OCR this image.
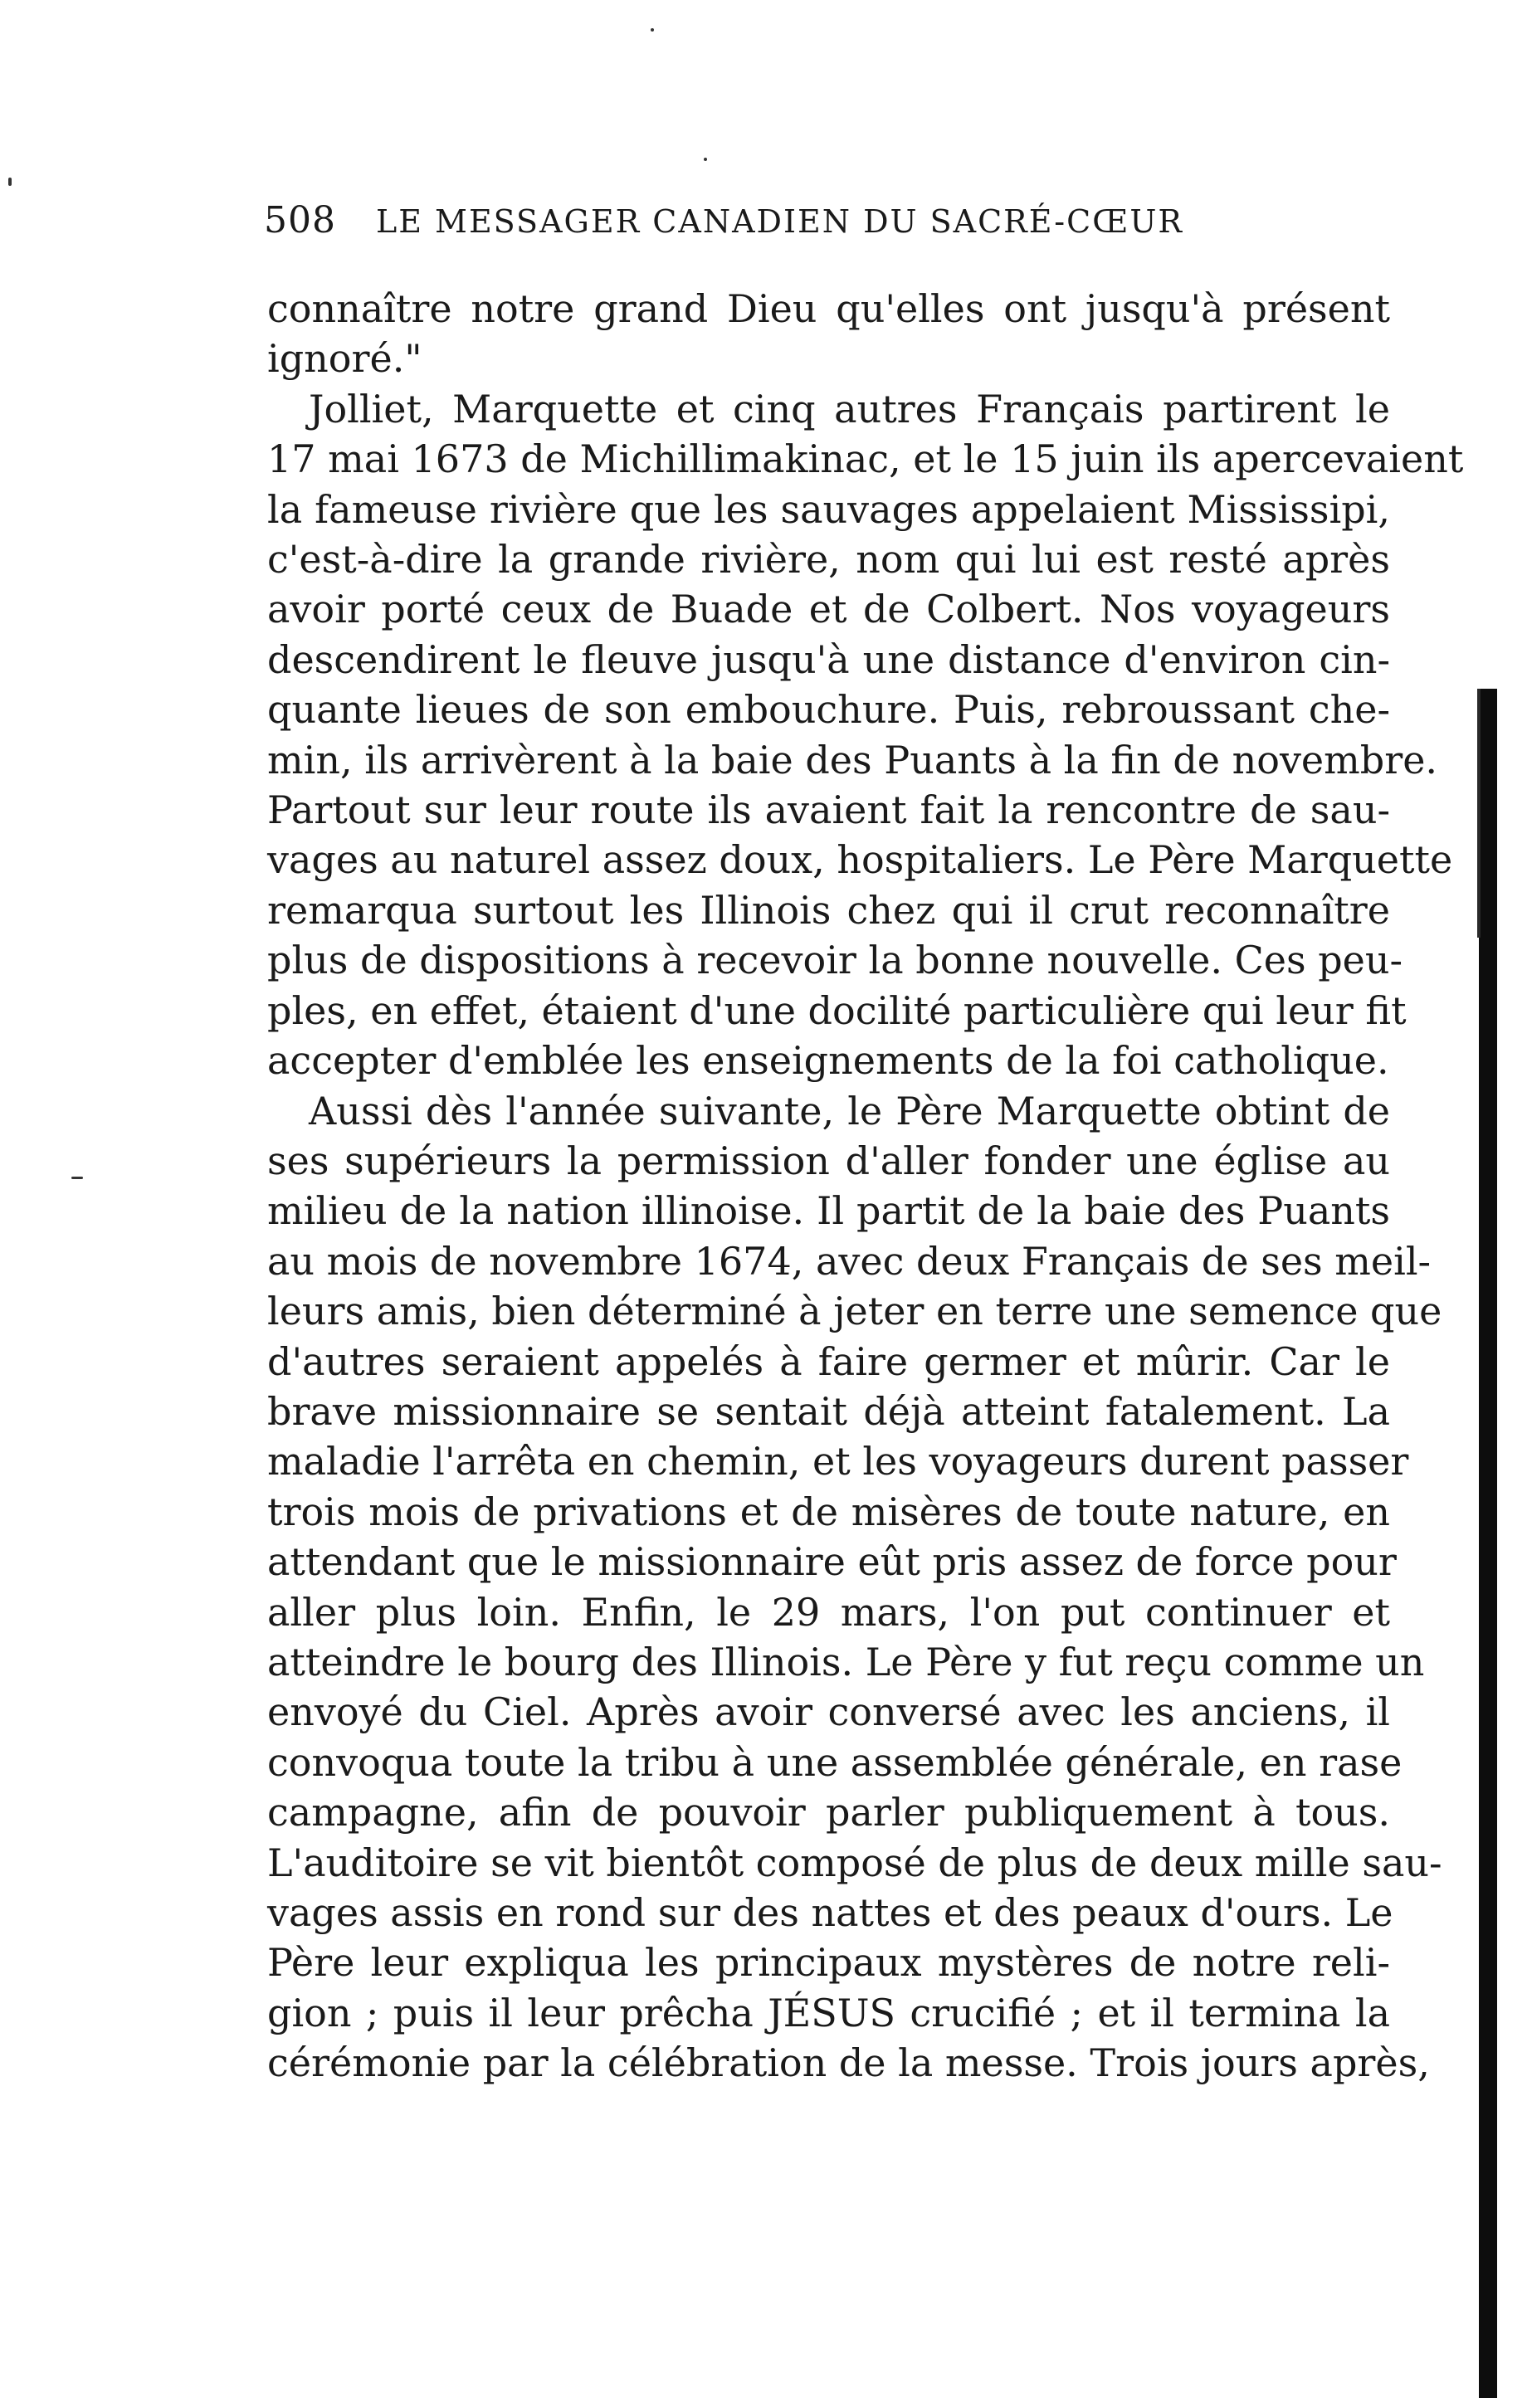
508 LE MESSAGER CANADIEN DU SACRÉ-CŒUR
connaître notre grand Dieu qu'elles ont jusqu'à présent
ignoré."
Jolliet, Marquette et cinq autres Français partirent le
17 mai 1673 de Michillimakinac, et le 15 juin ils apercevaient
la fameuse rivière que les sauvages appelaient Mississipi,
c'est-à-dire la grande rivière, nom qui lui est resté après
avoir porté ceux de Buade et de Colbert. Nos voyageurs
descendirent le fleuve jusqu'à une distance d'environ cin-
quante lieues de son embouchure. Puis, rebroussant che-
min, ils arrivèrent à la baie des Puants à la fin de novembre.
Partout sur leur route ils avaient fait la rencontre de sau-
vages au naturel assez doux, hospitaliers. Le Père Marquette
remarqua surtout les Illinois chez qui il crut reconnaître
plus de dispositions à recevoir la bonne nouvelle. Ces peu-
ples, en effet, étaient d'une docilité particulière qui leur fit
accepter d'emblée les enseignements de la foi catholique.
Aussi dès l'année suivante, le Père Marquette obtint de
ses supérieurs la permission d'aller fonder une église au
milieu de la nation illinoise. Il partit de la baie des Puants
au mois de novembre 1674, avec deux Français de ses meil-
leurs amis, bien déterminé à jeter en terre une semence que
d'autres seraient appelés à faire germer et mûrir. Car le
brave missionnaire se sentait déjà atteint fatalement. La
maladie l'arrêta en chemin, et les voyageurs durent passer
trois mois de privations et de misères de toute nature, en
attendant que le missionnaire eût pris assez de force pour
aller plus loin. Enfin, le 29 mars, l'on put continuer et
atteindre le bourg des Illinois. Le Père y fut reçu comme un
envoyé du Ciel. Après avoir conversé avec les anciens, il
convoqua toute la tribu à une assemblée générale, en rase
campagne, afin de pouvoir parler publiquement à tous.
L'auditoire se vit bientôt composé de plus de deux mille sau-
vages assis en rond sur des nattes et des peaux d'ours. Le
Père leur expliqua les principaux mystères de notre reli-
gion ; puis il leur prêcha JÉSUS crucifié ; et il termina la
cérémonie par la célébration de la messe. Trois jours après,
